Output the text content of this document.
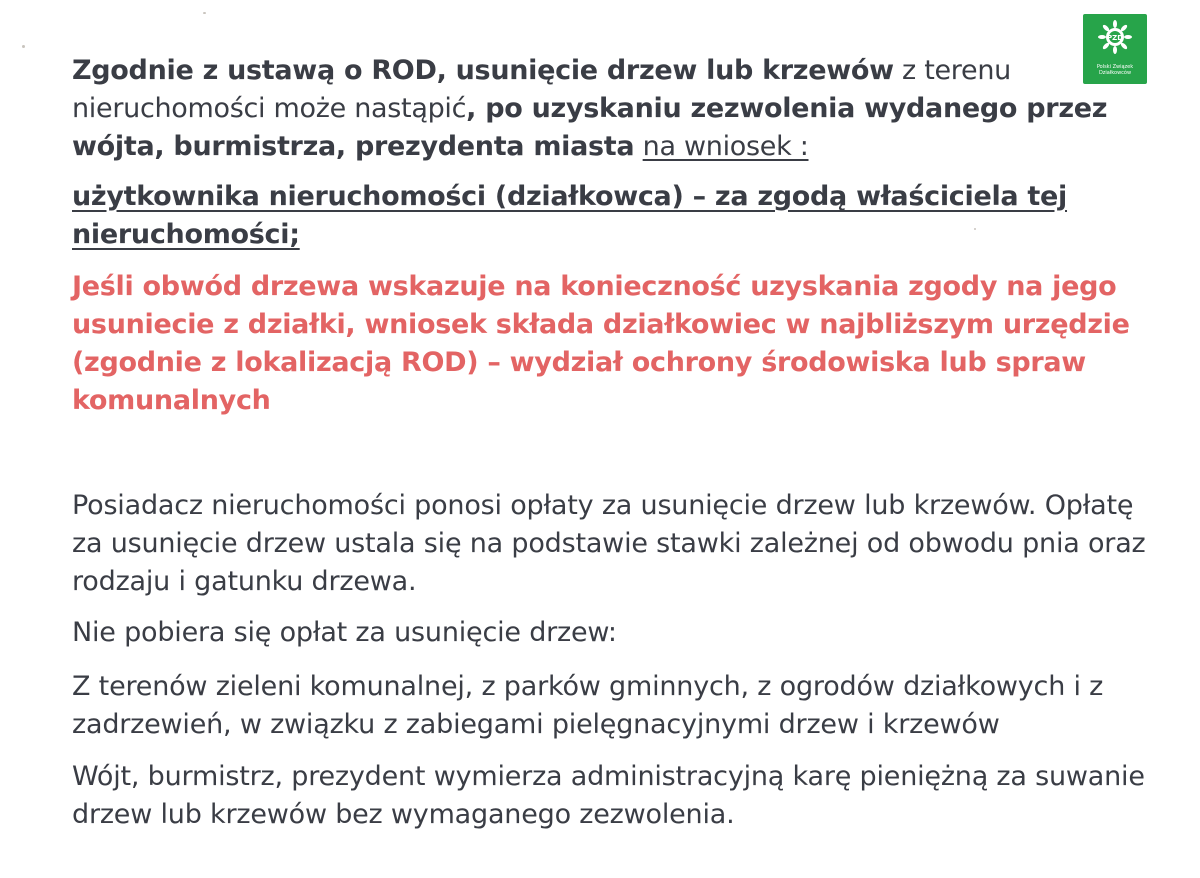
PZD
Polski Związek
Działkowców

Zgodnie z ustawą o ROD, usunięcie drzew lub krzewów z terenu nieruchomości może nastąpić, po uzyskaniu zezwolenia wydanego przez wójta, burmistrza, prezydenta miasta na wniosek :

użytkownika nieruchomości (działkowca) – za zgodą właściciela tej nieruchomości;

Jeśli obwód drzewa wskazuje na konieczność uzyskania zgody na jego usuniecie z działki, wniosek składa działkowiec w najbliższym urzędzie (zgodnie z lokalizacją ROD) – wydział ochrony środowiska lub spraw komunalnych

Posiadacz nieruchomości ponosi opłaty za usunięcie drzew lub krzewów. Opłatę za usunięcie drzew ustala się na podstawie stawki zależnej od obwodu pnia oraz rodzaju i gatunku drzewa.

Nie pobiera się opłat za usunięcie drzew:

Z terenów zieleni komunalnej, z parków gminnych, z ogrodów działkowych i z zadrzewień, w związku z zabiegami pielęgnacyjnymi drzew i krzewów

Wójt, burmistrz, prezydent wymierza administracyjną karę pieniężną za suwanie drzew lub krzewów bez wymaganego zezwolenia.
